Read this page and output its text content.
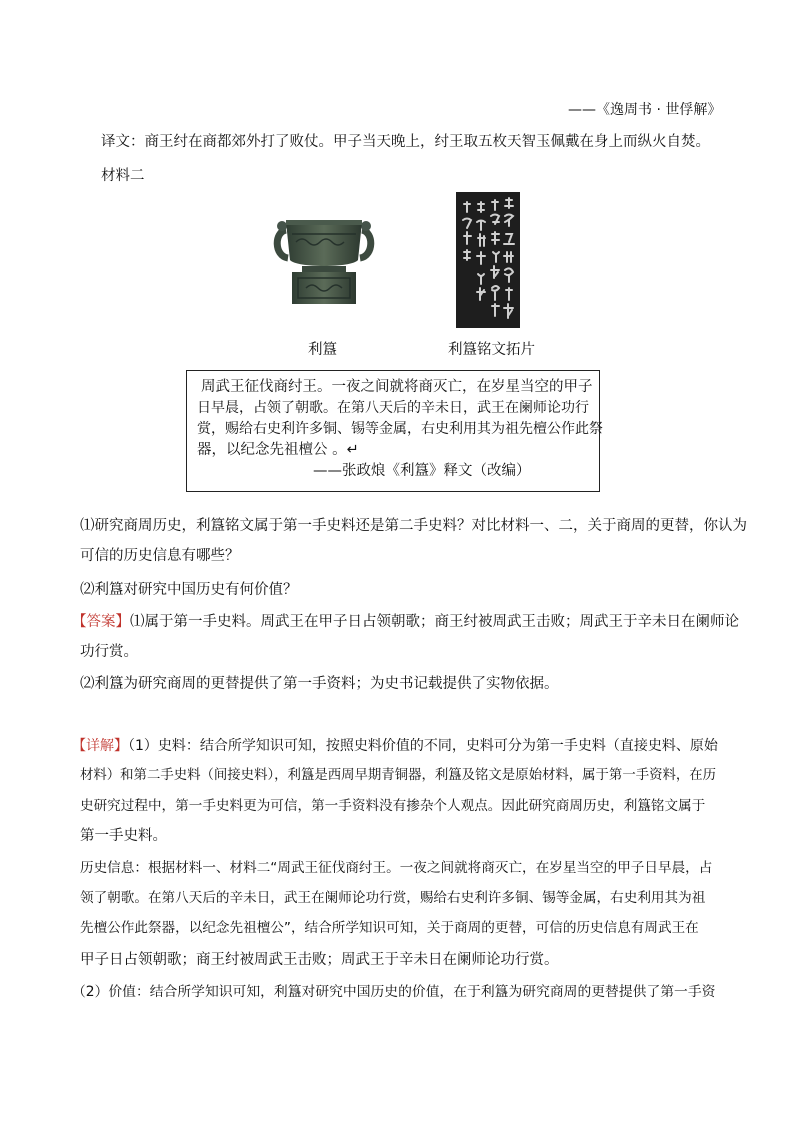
——《逸周书 · 世俘解》
译文：商王纣在商都郊外打了败仗。甲子当天晚上，纣王取五枚天智玉佩戴在身上而纵火自焚。
材料二
利簋	利簋铭文拓片
周武王征伐商纣王。一夜之间就将商灭亡，在岁星当空的甲子
日早晨，占领了朝歌。在第八天后的辛未日，武王在阑师论功行
赏，赐给右史利许多铜、锡等金属，右史利用其为祖先檀公作此祭
器，以纪念先祖檀公 。↵
——张政烺《利簋》释文（改编）
⑴研究商周历史，利簋铭文属于第一手史料还是第二手史料？对比材料一、二，关于商周的更替，你认为
可信的历史信息有哪些？
⑵利簋对研究中国历史有何价值？
【答案】⑴属于第一手史料。周武王在甲子日占领朝歌；商王纣被周武王击败；周武王于辛未日在阑师论
功行赏。
⑵利簋为研究商周的更替提供了第一手资料；为史书记载提供了实物依据。
【详解】（1）史料：结合所学知识可知，按照史料价值的不同，史料可分为第一手史料（直接史料、原始
材料）和第二手史料（间接史料），利簋是西周早期青铜器，利簋及铭文是原始材料，属于第一手资料，在历
史研究过程中，第一手史料更为可信，第一手资料没有掺杂个人观点。因此研究商周历史，利簋铭文属于
第一手史料。
历史信息：根据材料一、材料二“周武王征伐商纣王。一夜之间就将商灭亡，在岁星当空的甲子日早晨，占
领了朝歌。在第八天后的辛未日，武王在阑师论功行赏，赐给右史利许多铜、锡等金属，右史利用其为祖
先檀公作此祭器，以纪念先祖檀公”，结合所学知识可知，关于商周的更替，可信的历史信息有周武王在
甲子日占领朝歌；商王纣被周武王击败；周武王于辛未日在阑师论功行赏。
（2）价值：结合所学知识可知，利簋对研究中国历史的价值，在于利簋为研究商周的更替提供了第一手资
